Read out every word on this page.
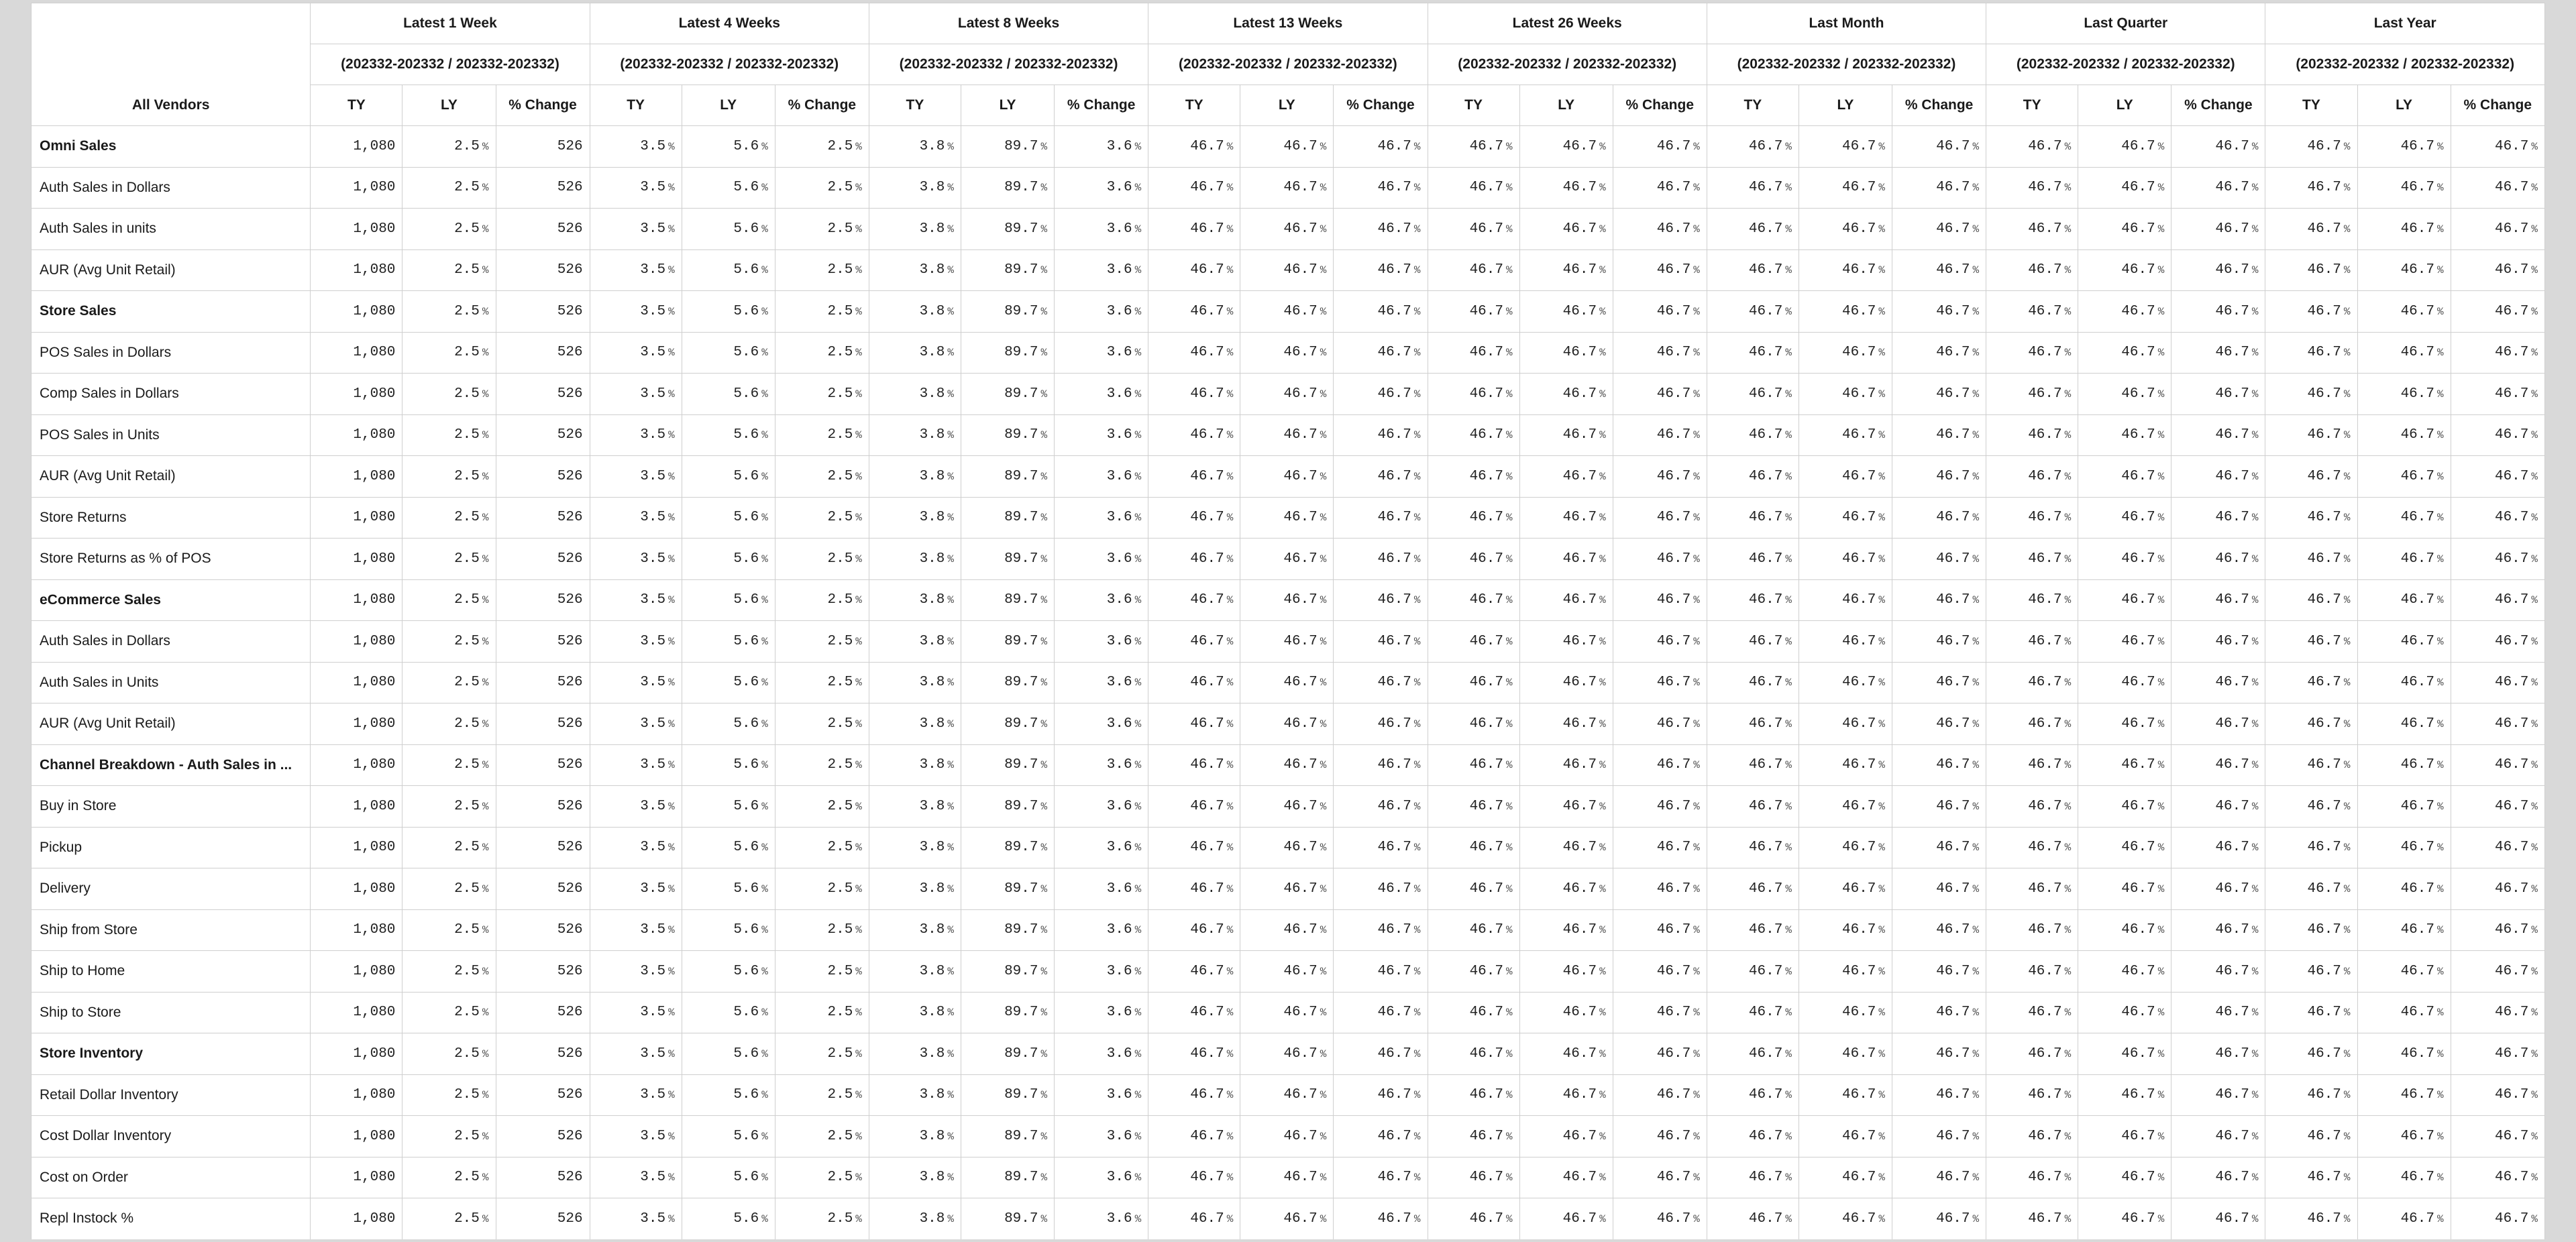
All Vendors	Latest 1 Week			Latest 4 Weeks			Latest 8 Weeks			Latest 13 Weeks			Latest 26 Weeks			Last Month			Last Quarter			Last Year		
	(202332-202332 / 202332-202332)			(202332-202332 / 202332-202332)			(202332-202332 / 202332-202332)			(202332-202332 / 202332-202332)			(202332-202332 / 202332-202332)			(202332-202332 / 202332-202332)			(202332-202332 / 202332-202332)			(202332-202332 / 202332-202332)		
	TY	LY	% Change	TY	LY	% Change	TY	LY	% Change	TY	LY	% Change	TY	LY	% Change	TY	LY	% Change	TY	LY	% Change	TY	LY	% Change
Omni Sales	1,080	2.5 %	526	3.5 %	5.6 %	2.5 %	3.8 %	89.7 %	3.6 %	46.7 %	46.7 %	46.7 %	46.7 %	46.7 %	46.7 %	46.7 %	46.7 %	46.7 %	46.7 %	46.7 %	46.7 %	46.7 %	46.7 %	46.7 %
Auth Sales in Dollars	1,080	2.5 %	526	3.5 %	5.6 %	2.5 %	3.8 %	89.7 %	3.6 %	46.7 %	46.7 %	46.7 %	46.7 %	46.7 %	46.7 %	46.7 %	46.7 %	46.7 %	46.7 %	46.7 %	46.7 %	46.7 %	46.7 %	46.7 %
Auth Sales in units	1,080	2.5 %	526	3.5 %	5.6 %	2.5 %	3.8 %	89.7 %	3.6 %	46.7 %	46.7 %	46.7 %	46.7 %	46.7 %	46.7 %	46.7 %	46.7 %	46.7 %	46.7 %	46.7 %	46.7 %	46.7 %	46.7 %	46.7 %
AUR (Avg Unit Retail)	1,080	2.5 %	526	3.5 %	5.6 %	2.5 %	3.8 %	89.7 %	3.6 %	46.7 %	46.7 %	46.7 %	46.7 %	46.7 %	46.7 %	46.7 %	46.7 %	46.7 %	46.7 %	46.7 %	46.7 %	46.7 %	46.7 %	46.7 %
Store Sales	1,080	2.5 %	526	3.5 %	5.6 %	2.5 %	3.8 %	89.7 %	3.6 %	46.7 %	46.7 %	46.7 %	46.7 %	46.7 %	46.7 %	46.7 %	46.7 %	46.7 %	46.7 %	46.7 %	46.7 %	46.7 %	46.7 %	46.7 %
POS Sales in Dollars	1,080	2.5 %	526	3.5 %	5.6 %	2.5 %	3.8 %	89.7 %	3.6 %	46.7 %	46.7 %	46.7 %	46.7 %	46.7 %	46.7 %	46.7 %	46.7 %	46.7 %	46.7 %	46.7 %	46.7 %	46.7 %	46.7 %	46.7 %
Comp Sales in Dollars	1,080	2.5 %	526	3.5 %	5.6 %	2.5 %	3.8 %	89.7 %	3.6 %	46.7 %	46.7 %	46.7 %	46.7 %	46.7 %	46.7 %	46.7 %	46.7 %	46.7 %	46.7 %	46.7 %	46.7 %	46.7 %	46.7 %	46.7 %
POS Sales in Units	1,080	2.5 %	526	3.5 %	5.6 %	2.5 %	3.8 %	89.7 %	3.6 %	46.7 %	46.7 %	46.7 %	46.7 %	46.7 %	46.7 %	46.7 %	46.7 %	46.7 %	46.7 %	46.7 %	46.7 %	46.7 %	46.7 %	46.7 %
AUR (Avg Unit Retail)	1,080	2.5 %	526	3.5 %	5.6 %	2.5 %	3.8 %	89.7 %	3.6 %	46.7 %	46.7 %	46.7 %	46.7 %	46.7 %	46.7 %	46.7 %	46.7 %	46.7 %	46.7 %	46.7 %	46.7 %	46.7 %	46.7 %	46.7 %
Store Returns	1,080	2.5 %	526	3.5 %	5.6 %	2.5 %	3.8 %	89.7 %	3.6 %	46.7 %	46.7 %	46.7 %	46.7 %	46.7 %	46.7 %	46.7 %	46.7 %	46.7 %	46.7 %	46.7 %	46.7 %	46.7 %	46.7 %	46.7 %
Store Returns as % of POS	1,080	2.5 %	526	3.5 %	5.6 %	2.5 %	3.8 %	89.7 %	3.6 %	46.7 %	46.7 %	46.7 %	46.7 %	46.7 %	46.7 %	46.7 %	46.7 %	46.7 %	46.7 %	46.7 %	46.7 %	46.7 %	46.7 %	46.7 %
eCommerce Sales	1,080	2.5 %	526	3.5 %	5.6 %	2.5 %	3.8 %	89.7 %	3.6 %	46.7 %	46.7 %	46.7 %	46.7 %	46.7 %	46.7 %	46.7 %	46.7 %	46.7 %	46.7 %	46.7 %	46.7 %	46.7 %	46.7 %	46.7 %
Auth Sales in Dollars	1,080	2.5 %	526	3.5 %	5.6 %	2.5 %	3.8 %	89.7 %	3.6 %	46.7 %	46.7 %	46.7 %	46.7 %	46.7 %	46.7 %	46.7 %	46.7 %	46.7 %	46.7 %	46.7 %	46.7 %	46.7 %	46.7 %	46.7 %
Auth Sales in Units	1,080	2.5 %	526	3.5 %	5.6 %	2.5 %	3.8 %	89.7 %	3.6 %	46.7 %	46.7 %	46.7 %	46.7 %	46.7 %	46.7 %	46.7 %	46.7 %	46.7 %	46.7 %	46.7 %	46.7 %	46.7 %	46.7 %	46.7 %
AUR (Avg Unit Retail)	1,080	2.5 %	526	3.5 %	5.6 %	2.5 %	3.8 %	89.7 %	3.6 %	46.7 %	46.7 %	46.7 %	46.7 %	46.7 %	46.7 %	46.7 %	46.7 %	46.7 %	46.7 %	46.7 %	46.7 %	46.7 %	46.7 %	46.7 %
Channel Breakdown - Auth Sales in ...	1,080	2.5 %	526	3.5 %	5.6 %	2.5 %	3.8 %	89.7 %	3.6 %	46.7 %	46.7 %	46.7 %	46.7 %	46.7 %	46.7 %	46.7 %	46.7 %	46.7 %	46.7 %	46.7 %	46.7 %	46.7 %	46.7 %	46.7 %
Buy in Store	1,080	2.5 %	526	3.5 %	5.6 %	2.5 %	3.8 %	89.7 %	3.6 %	46.7 %	46.7 %	46.7 %	46.7 %	46.7 %	46.7 %	46.7 %	46.7 %	46.7 %	46.7 %	46.7 %	46.7 %	46.7 %	46.7 %	46.7 %
Pickup	1,080	2.5 %	526	3.5 %	5.6 %	2.5 %	3.8 %	89.7 %	3.6 %	46.7 %	46.7 %	46.7 %	46.7 %	46.7 %	46.7 %	46.7 %	46.7 %	46.7 %	46.7 %	46.7 %	46.7 %	46.7 %	46.7 %	46.7 %
Delivery	1,080	2.5 %	526	3.5 %	5.6 %	2.5 %	3.8 %	89.7 %	3.6 %	46.7 %	46.7 %	46.7 %	46.7 %	46.7 %	46.7 %	46.7 %	46.7 %	46.7 %	46.7 %	46.7 %	46.7 %	46.7 %	46.7 %	46.7 %
Ship from Store	1,080	2.5 %	526	3.5 %	5.6 %	2.5 %	3.8 %	89.7 %	3.6 %	46.7 %	46.7 %	46.7 %	46.7 %	46.7 %	46.7 %	46.7 %	46.7 %	46.7 %	46.7 %	46.7 %	46.7 %	46.7 %	46.7 %	46.7 %
Ship to Home	1,080	2.5 %	526	3.5 %	5.6 %	2.5 %	3.8 %	89.7 %	3.6 %	46.7 %	46.7 %	46.7 %	46.7 %	46.7 %	46.7 %	46.7 %	46.7 %	46.7 %	46.7 %	46.7 %	46.7 %	46.7 %	46.7 %	46.7 %
Ship to Store	1,080	2.5 %	526	3.5 %	5.6 %	2.5 %	3.8 %	89.7 %	3.6 %	46.7 %	46.7 %	46.7 %	46.7 %	46.7 %	46.7 %	46.7 %	46.7 %	46.7 %	46.7 %	46.7 %	46.7 %	46.7 %	46.7 %	46.7 %
Store Inventory	1,080	2.5 %	526	3.5 %	5.6 %	2.5 %	3.8 %	89.7 %	3.6 %	46.7 %	46.7 %	46.7 %	46.7 %	46.7 %	46.7 %	46.7 %	46.7 %	46.7 %	46.7 %	46.7 %	46.7 %	46.7 %	46.7 %	46.7 %
Retail Dollar Inventory	1,080	2.5 %	526	3.5 %	5.6 %	2.5 %	3.8 %	89.7 %	3.6 %	46.7 %	46.7 %	46.7 %	46.7 %	46.7 %	46.7 %	46.7 %	46.7 %	46.7 %	46.7 %	46.7 %	46.7 %	46.7 %	46.7 %	46.7 %
Cost Dollar Inventory	1,080	2.5 %	526	3.5 %	5.6 %	2.5 %	3.8 %	89.7 %	3.6 %	46.7 %	46.7 %	46.7 %	46.7 %	46.7 %	46.7 %	46.7 %	46.7 %	46.7 %	46.7 %	46.7 %	46.7 %	46.7 %	46.7 %	46.7 %
Cost on Order	1,080	2.5 %	526	3.5 %	5.6 %	2.5 %	3.8 %	89.7 %	3.6 %	46.7 %	46.7 %	46.7 %	46.7 %	46.7 %	46.7 %	46.7 %	46.7 %	46.7 %	46.7 %	46.7 %	46.7 %	46.7 %	46.7 %	46.7 %
Repl Instock %	1,080	2.5 %	526	3.5 %	5.6 %	2.5 %	3.8 %	89.7 %	3.6 %	46.7 %	46.7 %	46.7 %	46.7 %	46.7 %	46.7 %	46.7 %	46.7 %	46.7 %	46.7 %	46.7 %	46.7 %	46.7 %	46.7 %	46.7 %
